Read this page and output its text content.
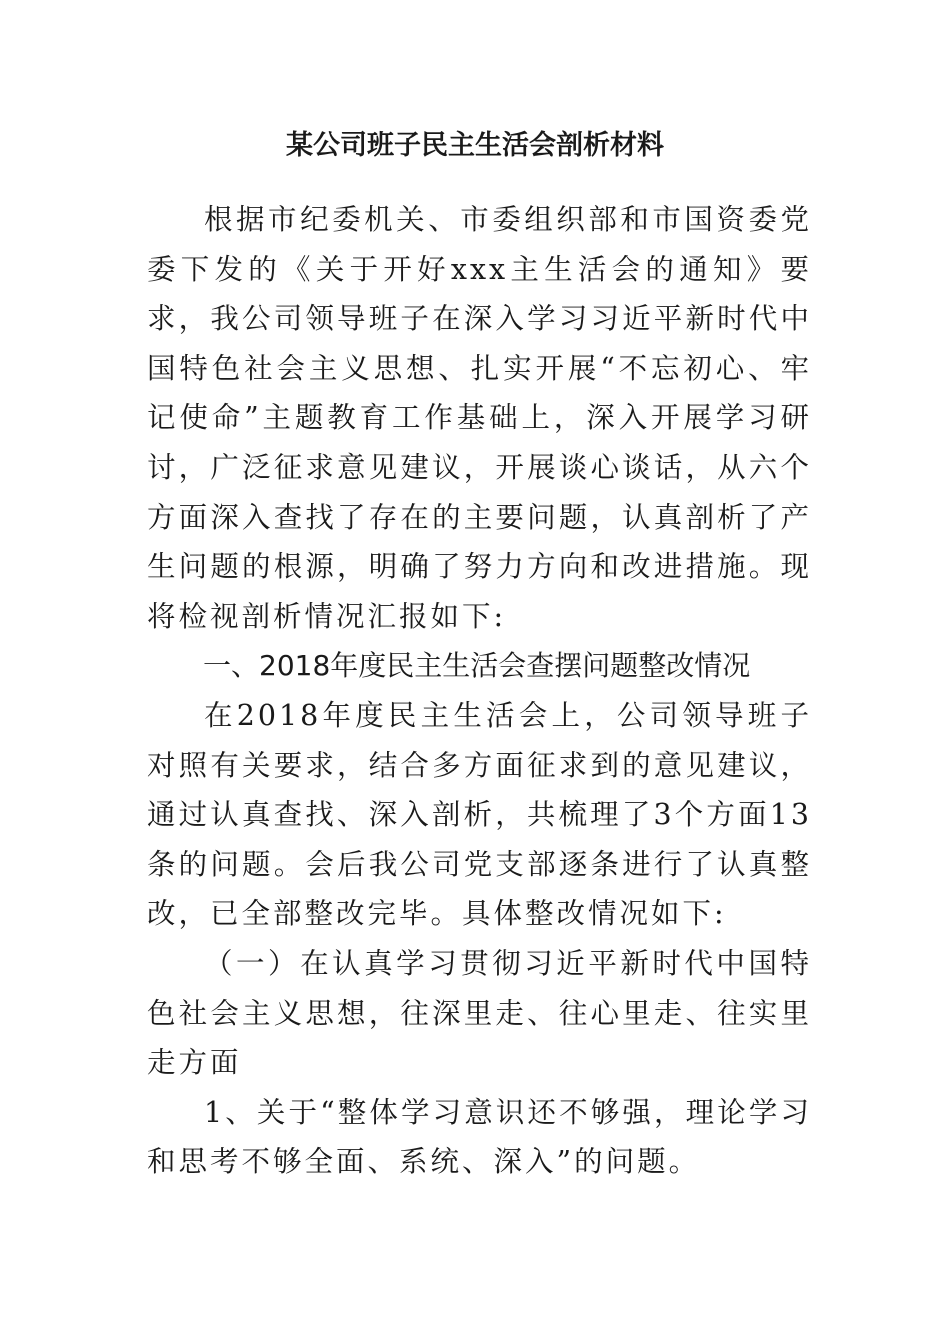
某公司班子民主生活会剖析材料

根据市纪委机关、市委组织部和市国资委党委下发的《关于开好xxx主生活会的通知》要求，我公司领导班子在深入学习习近平新时代中国特色社会主义思想、扎实开展“不忘初心、牢记使命”主题教育工作基础上，深入开展学习研讨，广泛征求意见建议，开展谈心谈话，从六个方面深入查找了存在的主要问题，认真剖析了产生问题的根源，明确了努力方向和改进措施。现将检视剖析情况汇报如下:

一、2018年度民主生活会查摆问题整改情况

在2018年度民主生活会上，公司领导班子对照有关要求，结合多方面征求到的意见建议，通过认真查找、深入剖析，共梳理了3个方面13条的问题。会后我公司党支部逐条进行了认真整改，已全部整改完毕。具体整改情况如下:

（一）在认真学习贯彻习近平新时代中国特色社会主义思想，往深里走、往心里走、往实里走方面

1、关于“整体学习意识还不够强，理论学习和思考不够全面、系统、深入”的问题。
